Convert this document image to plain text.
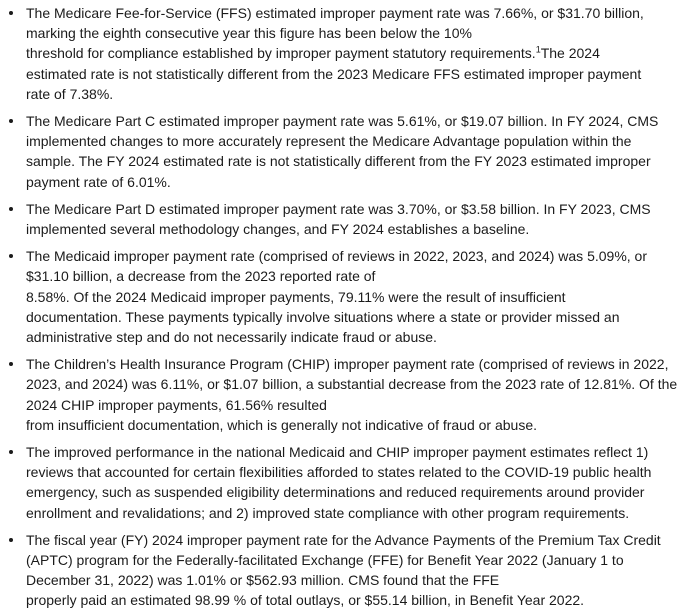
The Medicare Fee-for-Service (FFS) estimated improper payment rate was 7.66%, or $31.70 billion,
marking the eighth consecutive year this figure has been below the 10%
threshold for compliance established by improper payment statutory requirements.$^1$The 2024
estimated rate is not statistically different from the 2023 Medicare FFS estimated improper payment
rate of 7.38%.
The Medicare Part C estimated improper payment rate was 5.61%, or $19.07 billion. In FY 2024, CMS
implemented changes to more accurately represent the Medicare Advantage population within the
sample. The FY 2024 estimated rate is not statistically different from the FY 2023 estimated improper
payment rate of 6.01%.
The Medicare Part D estimated improper payment rate was 3.70%, or $3.58 billion. In FY 2023, CMS
implemented several methodology changes, and FY 2024 establishes a baseline.
The Medicaid improper payment rate (comprised of reviews in 2022, 2023, and 2024) was 5.09%, or
$31.10 billion, a decrease from the 2023 reported rate of
8.58%. Of the 2024 Medicaid improper payments, 79.11% were the result of insufficient
documentation. These payments typically involve situations where a state or provider missed an
administrative step and do not necessarily indicate fraud or abuse.
The Children’s Health Insurance Program (CHIP) improper payment rate (comprised of reviews in 2022,
2023, and 2024) was 6.11%, or $1.07 billion, a substantial decrease from the 2023 rate of 12.81%. Of the
2024 CHIP improper payments, 61.56% resulted
from insufficient documentation, which is generally not indicative of fraud or abuse.
The improved performance in the national Medicaid and CHIP improper payment estimates reflect 1)
reviews that accounted for certain flexibilities afforded to states related to the COVID-19 public health
emergency, such as suspended eligibility determinations and reduced requirements around provider
enrollment and revalidations; and 2) improved state compliance with other program requirements.
The fiscal year (FY) 2024 improper payment rate for the Advance Payments of the Premium Tax Credit
(APTC) program for the Federally-facilitated Exchange (FFE) for Benefit Year 2022 (January 1 to
December 31, 2022) was 1.01% or $562.93 million. CMS found that the FFE
properly paid an estimated 98.99 % of total outlays, or $55.14 billion, in Benefit Year 2022.
